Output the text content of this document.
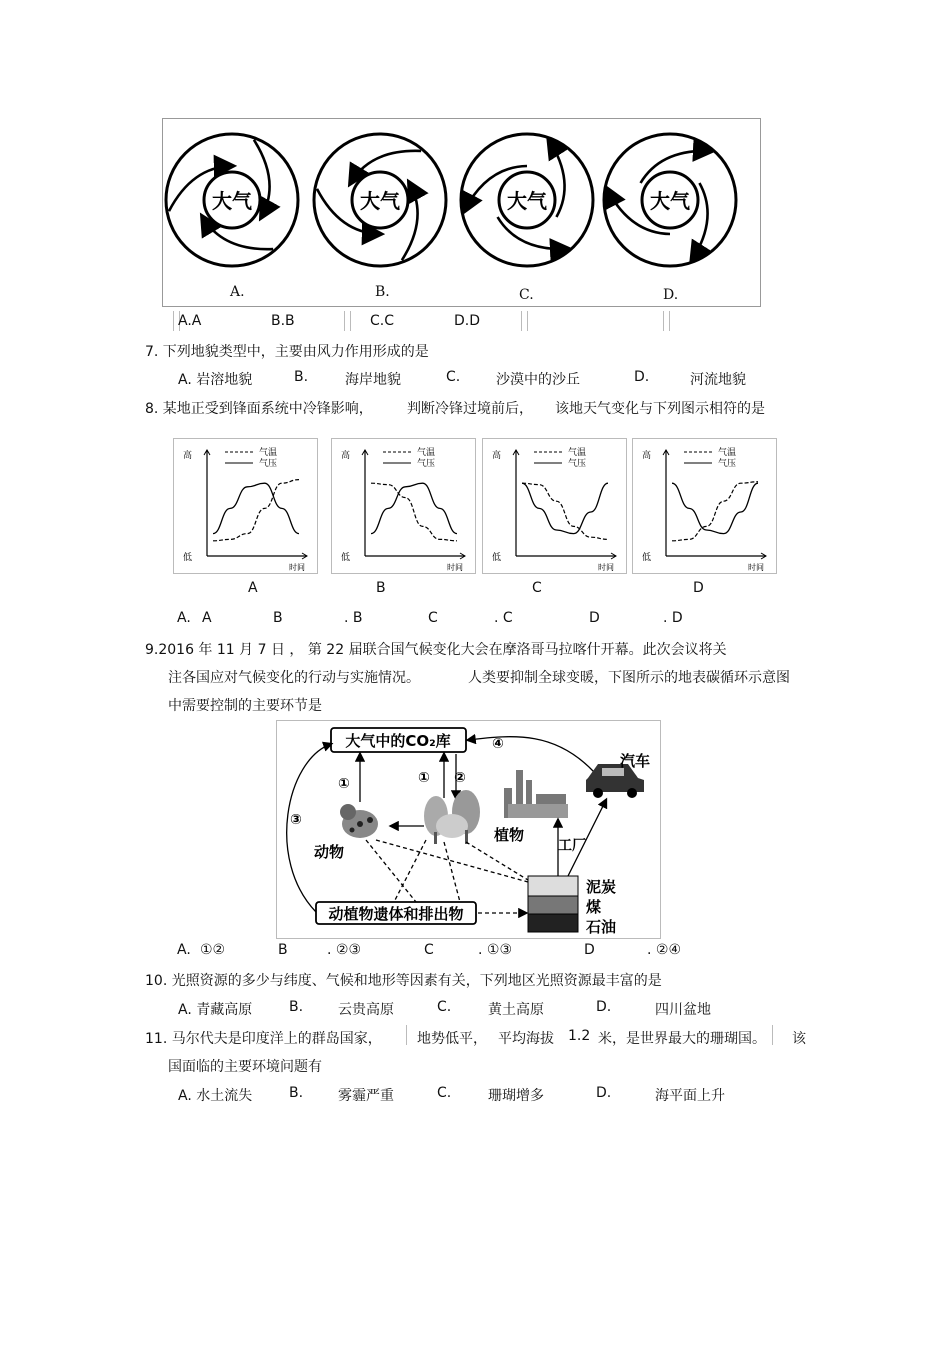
大气	大气	大气	大气
A.	B.	C.	D.
A.A	B.B	C.C	D.D
7. 下列地貌类型中，主要由风力作用形成的是
A. 岩溶地貌	B.	海岸地貌	C.	沙漠中的沙丘	D.	河流地貌
8. 某地正受到锋面系统中冷锋影响， 判断冷锋过境前后， 该地天气变化与下列图示相符的是
高
低
时间
气温
气压
高
低
时间
气温
气压
高
低
时间
气温
气压
高
低
时间
气温
气压
A	B	C	D
A. A	B	. B	C	. C	D	. D
9.2016 年 11 月 7 日 ， 第 22 届联合国气候变化大会在摩洛哥马拉喀什开幕。此次会议将关
注各国应对气候变化的行动与实施情况。	人类要抑制全球变暖，下图所示的地表碳循环示意图
中需要控制的主要环节是
大气中的CO₂库	④
③
①	① ②
动物
植物
工厂
汽车
泥炭
煤
石油
动植物遗体和排出物
A. ①②	B	. ②③	C	. ①③	D	. ②④
10. 光照资源的多少与纬度、气候和地形等因素有关，下列地区光照资源最丰富的是
A. 青藏高原	B. 云贵高原	C.	黄土高原	D.	四川盆地
11. 马尔代夫是印度洋上的群岛国家，	地势低平， 平均海拔 1.2 米，是世界最大的珊瑚国。 该
国面临的主要环境问题有
A. 水土流失	B. 雾霾严重	C.	珊瑚增多	D.	海平面上升
